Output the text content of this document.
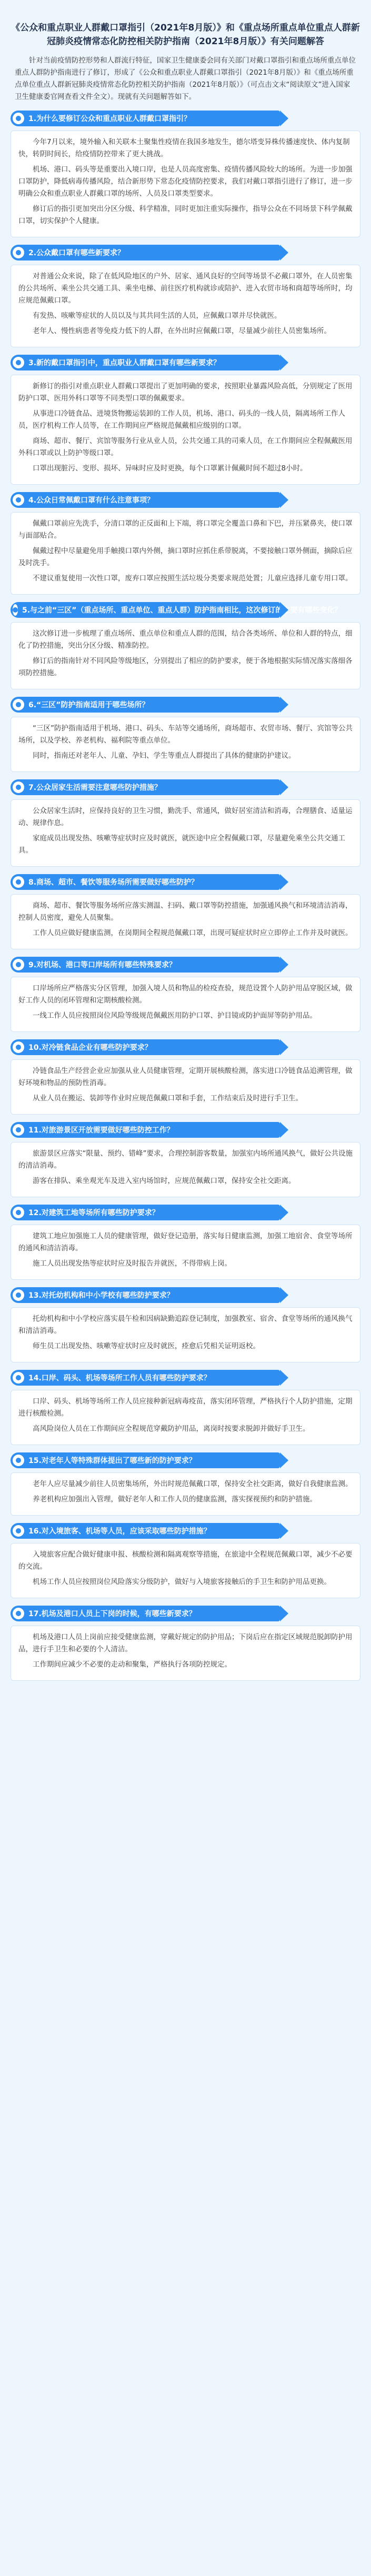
《公众和重点职业人群戴口罩指引（2021年8月版）》和《重点场所重点单位重点人群新冠肺炎疫情常态化防控相关防护指南（2021年8月版）》有关问题解答

针对当前疫情防控形势和人群流行特征，国家卫生健康委会同有关部门对戴口罩指引和重点场所重点单位重点人群防护指南进行了修订，形成了《公众和重点职业人群戴口罩指引（2021年8月版）》和《重点场所重点单位重点人群新冠肺炎疫情常态化防控相关防护指南（2021年8月版）》（可点击文末“阅读原文”进入国家卫生健康委官网查看文件全文）。现就有关问题解答如下。

1.为什么要修订公众和重点职业人群戴口罩指引？

今年7月以来，境外输入和关联本土聚集性疫情在我国多地发生，德尔塔变异株传播速度快、体内复制快，转阴时间长，给疫情防控带来了更大挑战。

机场、港口、码头等是重要出入境口岸，也是人员高度密集、疫情传播风险较大的场所。为进一步加强口罩防护，降低病毒传播风险，结合新形势下常态化疫情防控要求，我们对戴口罩指引进行了修订，进一步明确公众和重点职业人群戴口罩的场所、人员及口罩类型要求。

修订后的指引更加突出分区分级、科学精准，同时更加注重实际操作，指导公众在不同场景下科学佩戴口罩，切实保护个人健康。

2.公众戴口罩有哪些新要求？

对普通公众来说，除了在低风险地区的户外、居家、通风良好的空间等场景不必戴口罩外，在人员密集的公共场所、乘坐公共交通工具、乘坐电梯、前往医疗机构就诊或陪护、进入农贸市场和商超等场所时，均应规范佩戴口罩。

有发热、咳嗽等症状的人员以及与其共同生活的人员，应佩戴口罩并尽快就医。

老年人、慢性病患者等免疫力低下的人群，在外出时应佩戴口罩，尽量减少前往人员密集场所。

3.新的戴口罩指引中，重点职业人群戴口罩有哪些新要求？

新修订的指引对重点职业人群戴口罩提出了更加明确的要求，按照职业暴露风险高低，分别规定了医用防护口罩、医用外科口罩等不同类型口罩的佩戴要求。

从事进口冷链食品、进境货物搬运装卸的工作人员，机场、港口、码头的一线人员，隔离场所工作人员，医疗机构工作人员等，在工作期间应严格规范佩戴相应级别的口罩。

商场、超市、餐厅、宾馆等服务行业从业人员，公共交通工具的司乘人员，在工作期间应全程佩戴医用外科口罩或以上防护等级口罩。

口罩出现脏污、变形、损坏、异味时应及时更换，每个口罩累计佩戴时间不超过8小时。

4.公众日常佩戴口罩有什么注意事项？

佩戴口罩前应先洗手，分清口罩的正反面和上下端，将口罩完全覆盖口鼻和下巴，并压紧鼻夹，使口罩与面部贴合。

佩戴过程中尽量避免用手触摸口罩内外侧，摘口罩时应抓住系带脱离，不要接触口罩外侧面，摘除后应及时洗手。

不建议重复使用一次性口罩，废弃口罩应按照生活垃圾分类要求规范处置；儿童应选择儿童专用口罩。

5.与之前“三区”（重点场所、重点单位、重点人群）防护指南相比，这次修订的主要有哪些变化？

这次修订进一步梳理了重点场所、重点单位和重点人群的范围，结合各类场所、单位和人群的特点，细化了防控措施，突出分区分级、精准防控。

修订后的指南针对不同风险等级地区，分别提出了相应的防护要求，便于各地根据实际情况落实落细各项防控措施。

6.“三区”防护指南适用于哪些场所？

“三区”防护指南适用于机场、港口、码头、车站等交通场所，商场超市、农贸市场、餐厅、宾馆等公共场所，以及学校、养老机构、福利院等重点单位。

同时，指南还对老年人、儿童、孕妇、学生等重点人群提出了具体的健康防护建议。

7.公众居家生活需要注意哪些防护措施？

公众居家生活时，应保持良好的卫生习惯，勤洗手、常通风，做好居室清洁和消毒，合理膳食、适量运动、规律作息。

家庭成员出现发热、咳嗽等症状时应及时就医，就医途中应全程佩戴口罩，尽量避免乘坐公共交通工具。

8.商场、超市、餐饮等服务场所需要做好哪些防护？

商场、超市、餐饮等服务场所应落实测温、扫码、戴口罩等防控措施，加强通风换气和环境清洁消毒，控制人员密度，避免人员聚集。

工作人员应做好健康监测，在岗期间全程规范佩戴口罩，出现可疑症状时应立即停止工作并及时就医。

9.对机场、港口等口岸场所有哪些特殊要求？

口岸场所应严格落实分区管理，加强入境人员和物品的检疫查验，规范设置个人防护用品穿脱区域，做好工作人员的闭环管理和定期核酸检测。

一线工作人员应按照岗位风险等级规范佩戴医用防护口罩、护目镜或防护面屏等防护用品。

10.对冷链食品企业有哪些防护要求？

冷链食品生产经营企业应加强从业人员健康管理，定期开展核酸检测，落实进口冷链食品追溯管理，做好环境和物品的预防性消毒。

从业人员在搬运、装卸等作业时应规范佩戴口罩和手套，工作结束后及时进行手卫生。

11.对旅游景区开放需要做好哪些防控工作？

旅游景区应落实“限量、预约、错峰”要求，合理控制游客数量，加强室内场所通风换气，做好公共设施的清洁消毒。

游客在排队、乘坐观光车及进入室内场馆时，应规范佩戴口罩，保持安全社交距离。

12.对建筑工地等场所有哪些防护要求？

建筑工地应加强施工人员的健康管理，做好登记造册，落实每日健康监测，加强工地宿舍、食堂等场所的通风和清洁消毒。

施工人员出现发热等症状时应及时报告并就医，不得带病上岗。

13.对托幼机构和中小学校有哪些防护要求？

托幼机构和中小学校应落实晨午检和因病缺勤追踪登记制度，加强教室、宿舍、食堂等场所的通风换气和清洁消毒。

师生员工出现发热、咳嗽等症状时应及时就医，痊愈后凭相关证明返校。

14.口岸、码头、机场等场所工作人员有哪些防护要求？

口岸、码头、机场等场所工作人员应接种新冠病毒疫苗，落实闭环管理，严格执行个人防护措施，定期进行核酸检测。

高风险岗位人员在工作期间应全程规范穿戴防护用品，离岗时按要求脱卸并做好手卫生。

15.对老年人等特殊群体提出了哪些新的防护要求？

老年人应尽量减少前往人员密集场所，外出时规范佩戴口罩，保持安全社交距离，做好自我健康监测。

养老机构应加强出入管理，做好老年人和工作人员的健康监测，落实探视预约和防护措施。

16.对入境旅客、机场等人员，应该采取哪些防护措施？

入境旅客应配合做好健康申报、核酸检测和隔离观察等措施，在旅途中全程规范佩戴口罩，减少不必要的交流。

机场工作人员应按照岗位风险落实分级防护，做好与入境旅客接触后的手卫生和防护用品更换。

17.机场及港口人员上下岗的时候，有哪些新要求？

机场及港口人员上岗前应接受健康监测，穿戴好规定的防护用品；下岗后应在指定区域规范脱卸防护用品，进行手卫生和必要的个人清洁。

工作期间应减少不必要的走动和聚集，严格执行各项防控规定。
